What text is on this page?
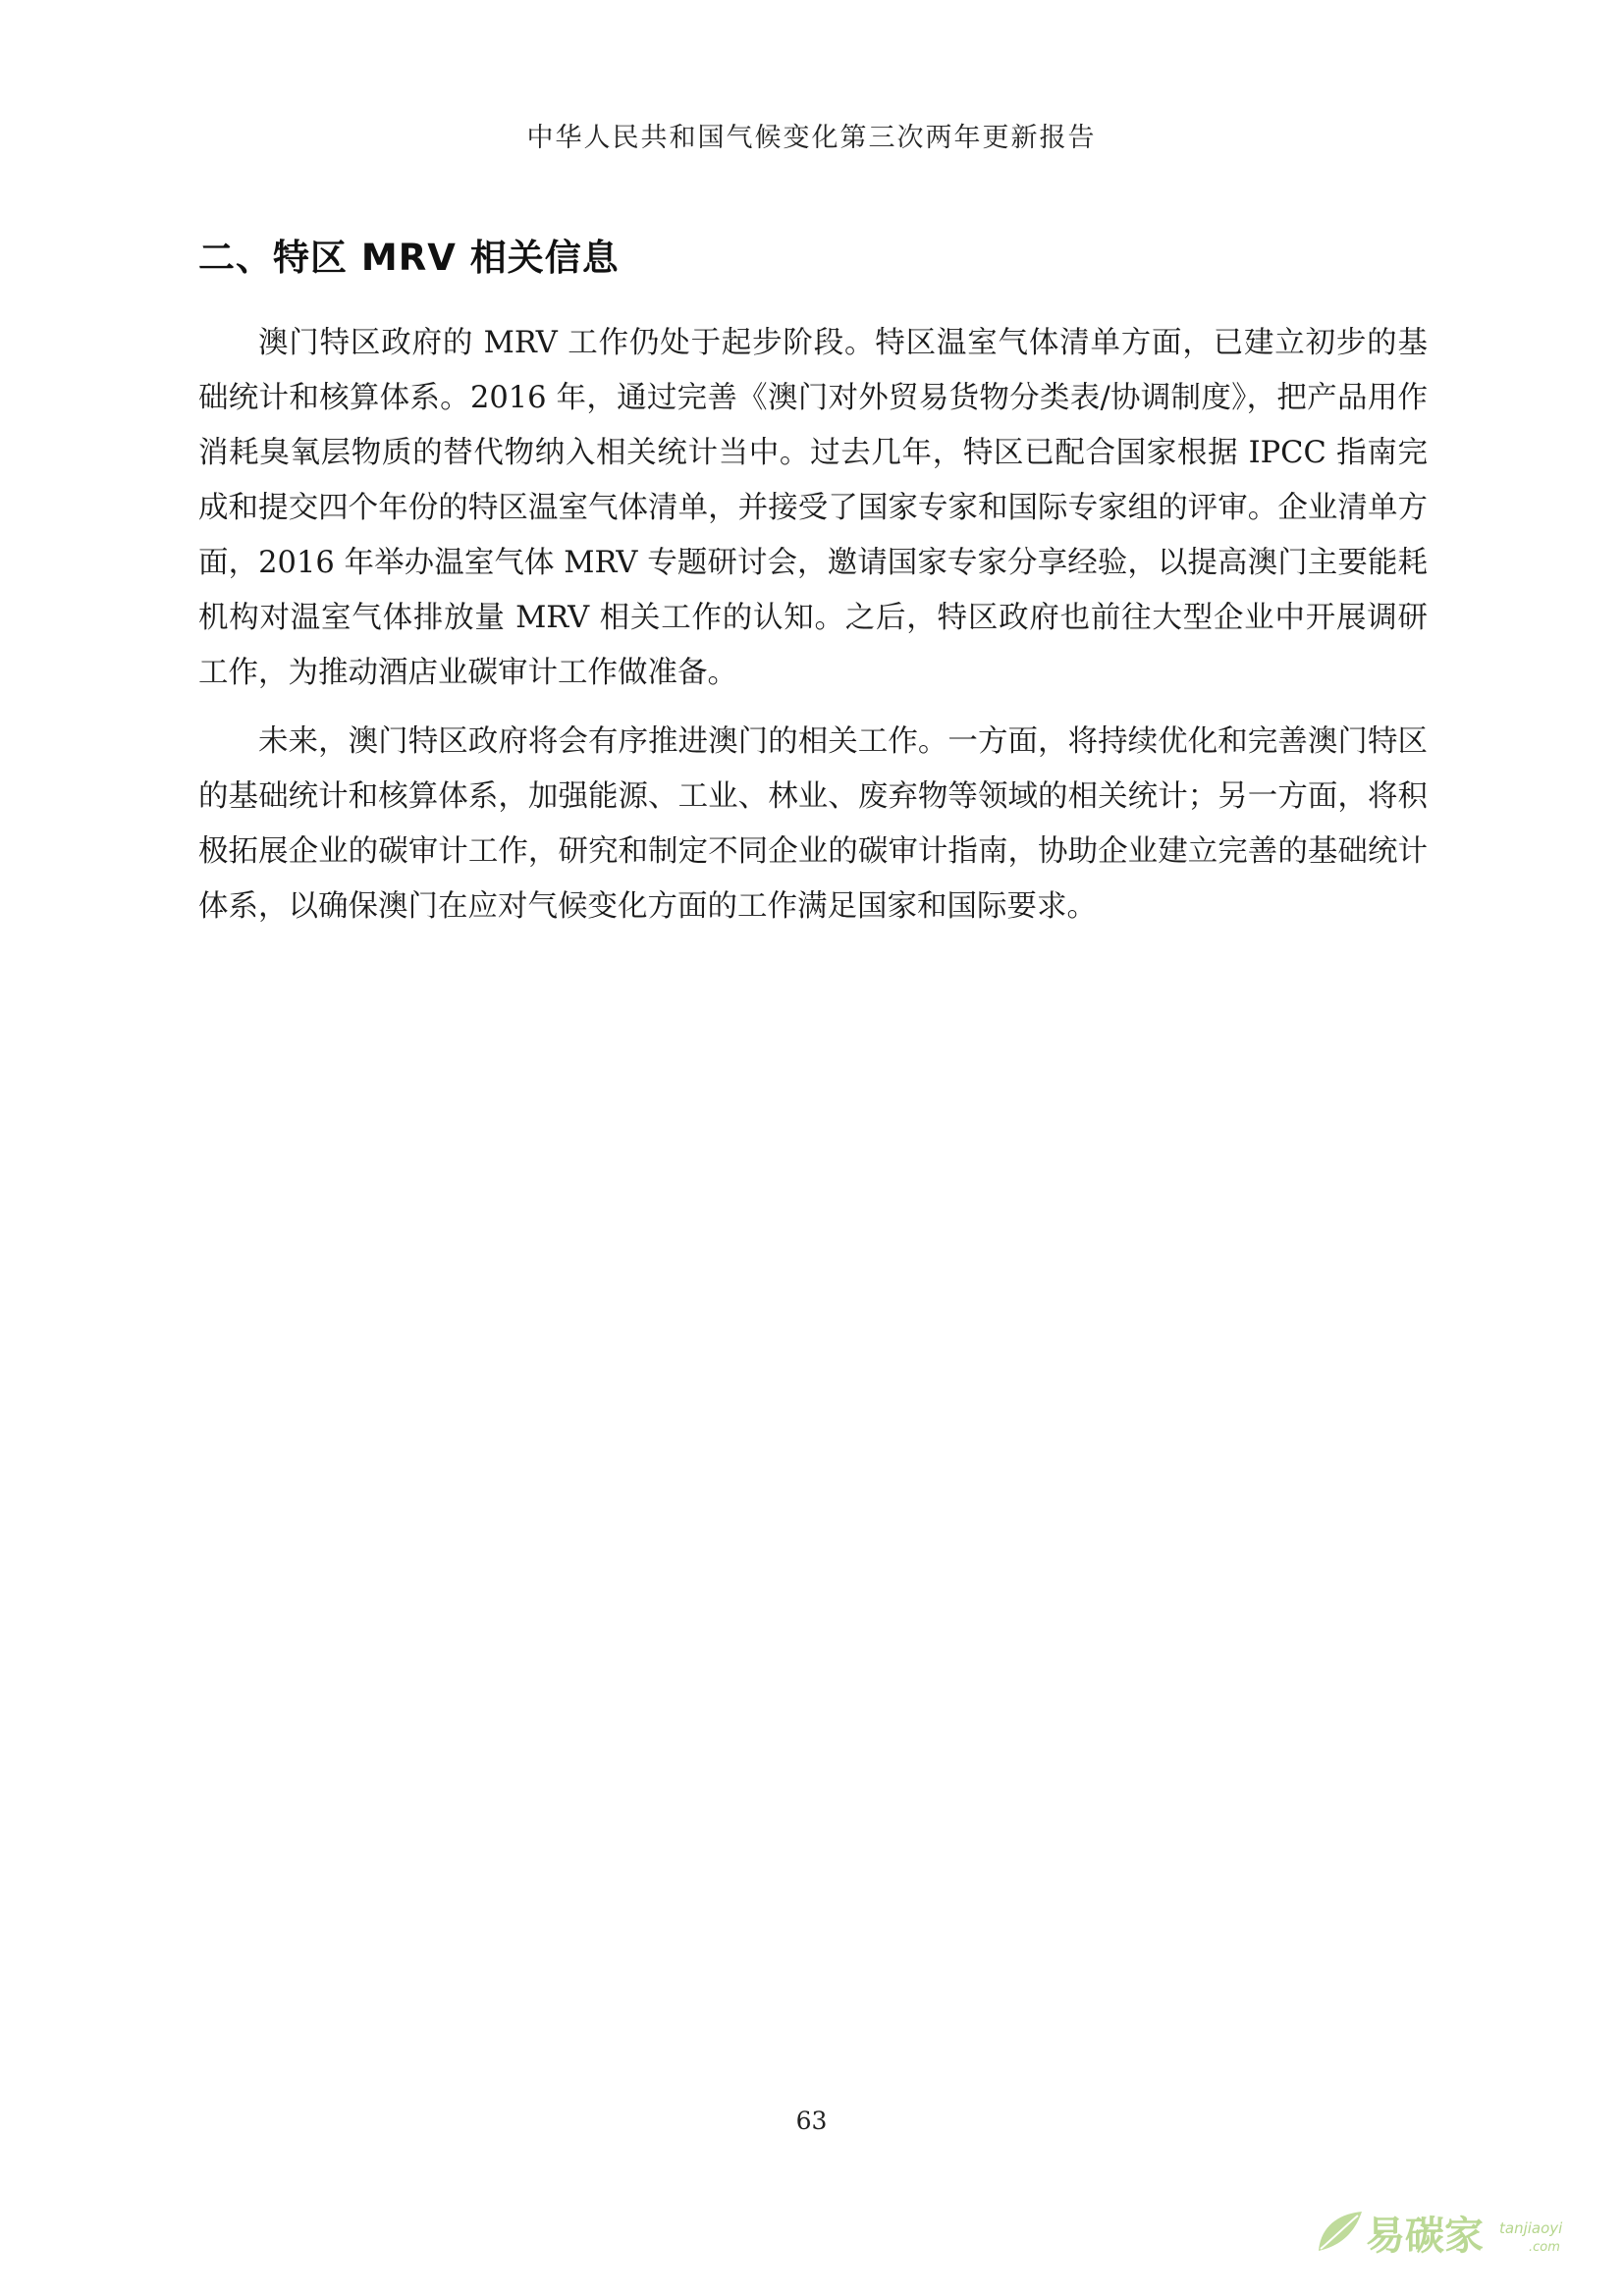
中华人民共和国气候变化第三次两年更新报告
二、特区 MRV 相关信息

澳门特区政府的 MRV 工作仍处于起步阶段。特区温室气体清单方面，已建立初步的基础统计和核算体系。2016 年，通过完善《澳门对外贸易货物分类表/协调制度》，把产品用作消耗臭氧层物质的替代物纳入相关统计当中。过去几年，特区已配合国家根据 IPCC 指南完成和提交四个年份的特区温室气体清单，并接受了国家专家和国际专家组的评审。企业清单方面，2016 年举办温室气体 MRV 专题研讨会，邀请国家专家分享经验，以提高澳门主要能耗机构对温室气体排放量 MRV 相关工作的认知。之后，特区政府也前往大型企业中开展调研工作，为推动酒店业碳审计工作做准备。

未来，澳门特区政府将会有序推进澳门的相关工作。一方面，将持续优化和完善澳门特区的基础统计和核算体系，加强能源、工业、林业、废弃物等领域的相关统计；另一方面，将积极拓展企业的碳审计工作，研究和制定不同企业的碳审计指南，协助企业建立完善的基础统计体系，以确保澳门在应对气候变化方面的工作满足国家和国际要求。

63
易碳家 tanjiaoyi
.com
